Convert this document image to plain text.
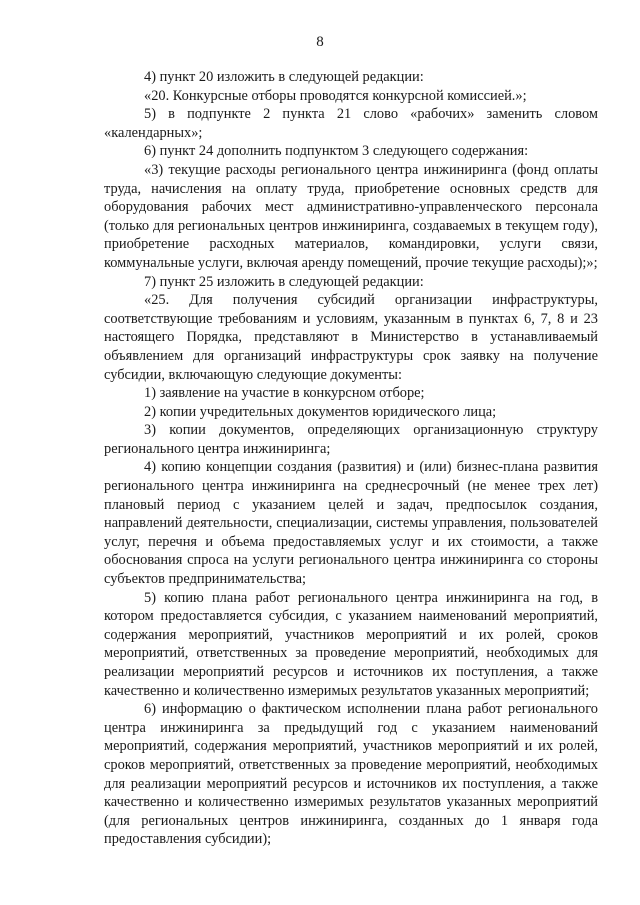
8

4) пункт 20 изложить в следующей редакции:

«20. Конкурсные отборы проводятся конкурсной комиссией.»;

5) в подпункте 2 пункта 21 слово «рабочих» заменить словом «календарных»;

6) пункт 24 дополнить подпунктом 3 следующего содержания:

«3) текущие расходы регионального центра инжиниринга (фонд оплаты труда, начисления на оплату труда, приобретение основных средств для оборудования рабочих мест административно-управленческого персонала (только для региональных центров инжиниринга, создаваемых в текущем году), приобретение расходных материалов, командировки, услуги связи, коммунальные услуги, включая аренду помещений, прочие текущие расходы);»;

7) пункт 25 изложить в следующей редакции:

«25. Для получения субсидий организации инфраструктуры, соответствующие требованиям и условиям, указанным в пунктах 6, 7, 8 и 23 настоящего Порядка, представляют в Министерство в устанавливаемый объявлением для организаций инфраструктуры срок заявку на получение субсидии, включающую следующие документы:

1) заявление на участие в конкурсном отборе;

2) копии учредительных документов юридического лица;

3) копии документов, определяющих организационную структуру регионального центра инжиниринга;

4) копию концепции создания (развития) и (или) бизнес-плана развития регионального центра инжиниринга на среднесрочный (не менее трех лет) плановый период с указанием целей и задач, предпосылок создания, направлений деятельности, специализации, системы управления, пользователей услуг, перечня и объема предоставляемых услуг и их стоимости, а также обоснования спроса на услуги регионального центра инжиниринга со стороны субъектов предпринимательства;

5) копию плана работ регионального центра инжиниринга на год, в котором предоставляется субсидия, с указанием наименований мероприятий, содержания мероприятий, участников мероприятий и их ролей, сроков мероприятий, ответственных за проведение мероприятий, необходимых для реализации мероприятий ресурсов и источников их поступления, а также качественно и количественно измеримых результатов указанных мероприятий;

6) информацию о фактическом исполнении плана работ регионального центра инжиниринга за предыдущий год с указанием наименований мероприятий, содержания мероприятий, участников мероприятий и их ролей, сроков мероприятий, ответственных за проведение мероприятий, необходимых для реализации мероприятий ресурсов и источников их поступления, а также качественно и количественно измеримых результатов указанных мероприятий (для региональных центров инжиниринга, созданных до 1 января года предоставления субсидии);
